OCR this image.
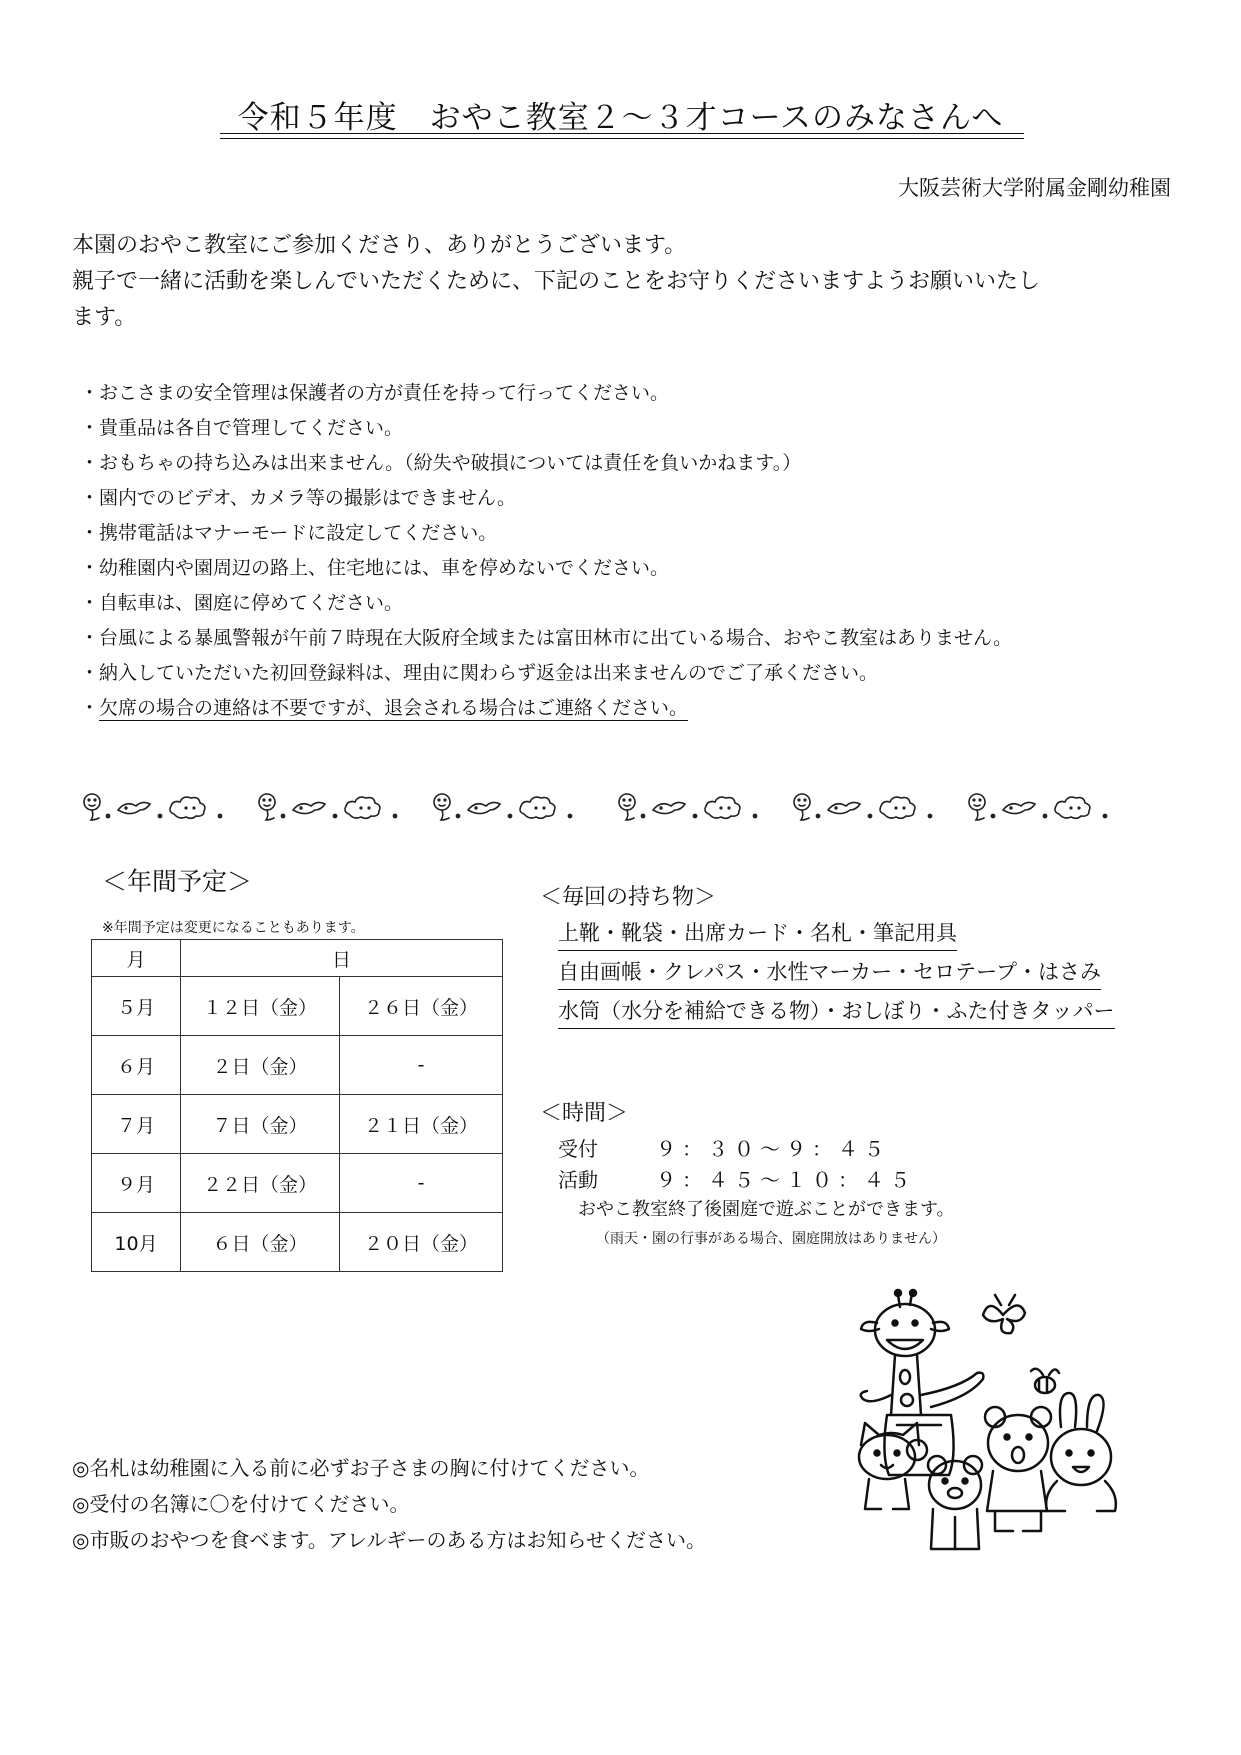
令和５年度　おやこ教室２～３才コースのみなさんへ
大阪芸術大学附属金剛幼稚園
本園のおやこ教室にご参加くださり、ありがとうございます。
親子で一緒に活動を楽しんでいただくために、下記のことをお守りくださいますようお願いいたし
ます。
・おこさまの安全管理は保護者の方が責任を持って行ってください。
・貴重品は各自で管理してください。
・おもちゃの持ち込みは出来ません。（紛失や破損については責任を負いかねます。）
・園内でのビデオ、カメラ等の撮影はできません。
・携帯電話はマナーモードに設定してください。
・幼稚園内や園周辺の路上、住宅地には、車を停めないでください。
・自転車は、園庭に停めてください。
・台風による暴風警報が午前７時現在大阪府全域または富田林市に出ている場合、おやこ教室はありません。
・納入していただいた初回登録料は、理由に関わらず返金は出来ませんのでご了承ください。
・欠席の場合の連絡は不要ですが、退会される場合はご連絡ください。
＜年間予定＞
※年間予定は変更になることもあります。
月	日	
５月	１２日（金）	２６日（金）
６月	２日（金）	-
７月	７日（金）	２１日（金）
９月	２２日（金）	-
10月	６日（金）	２０日（金）
＜毎回の持ち物＞
上靴・靴袋・出席カード・名札・筆記用具
自由画帳・クレパス・水性マーカー・セロテープ・はさみ
水筒（水分を補給できる物）・おしぼり・ふた付きタッパー
＜時間＞
受付	９：３０～９：４５
活動	９：４５～１０：４５
おやこ教室終了後園庭で遊ぶことができます。
（雨天・園の行事がある場合、園庭開放はありません）
◎名札は幼稚園に入る前に必ずお子さまの胸に付けてください。
◎受付の名簿に〇を付けてください。
◎市販のおやつを食べます。アレルギーのある方はお知らせください。
